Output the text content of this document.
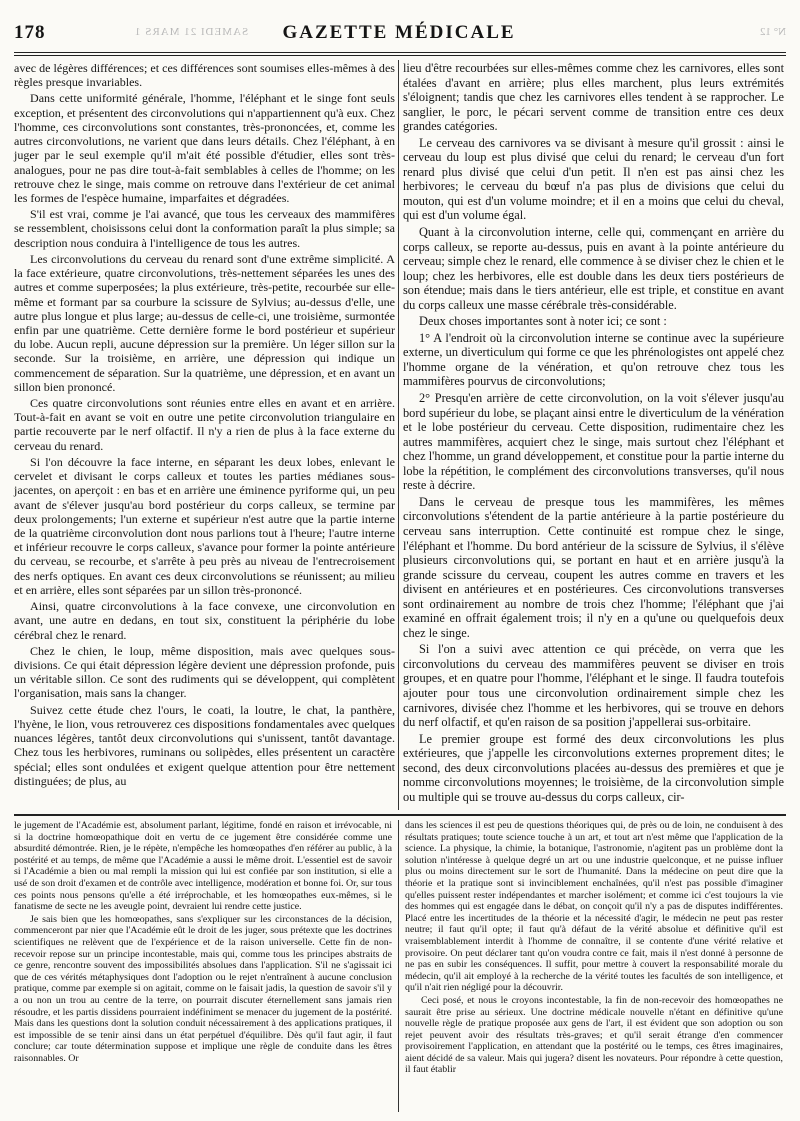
178	SAMEDI 21 MARS 1	GAZETTE MÉDICALE	N° 12

avec de légères différences; et ces différences sont soumises elles-mêmes à des règles presque invariables.

Dans cette uniformité générale, l'homme, l'éléphant et le singe font seuls exception, et présentent des circonvolutions qui n'appartiennent qu'à eux. Chez l'homme, ces circonvolutions sont constantes, très-prononcées, et, comme les autres circonvolutions, ne varient que dans leurs détails. Chez l'éléphant, à en juger par le seul exemple qu'il m'ait été possible d'étudier, elles sont très-analogues, pour ne pas dire tout-à-fait semblables à celles de l'homme; on les retrouve chez le singe, mais comme on retrouve dans l'extérieur de cet animal les formes de l'espèce humaine, imparfaites et dégradées.

S'il est vrai, comme je l'ai avancé, que tous les cerveaux des mammifères se ressemblent, choisissons celui dont la conformation paraît la plus simple; sa description nous conduira à l'intelligence de tous les autres.

Les circonvolutions du cerveau du renard sont d'une extrême simplicité. A la face extérieure, quatre circonvolutions, très-nettement séparées les unes des autres et comme superposées; la plus extérieure, très-petite, recourbée sur elle-même et formant par sa courbure la scissure de Sylvius; au-dessus d'elle, une autre plus longue et plus large; au-dessus de celle-ci, une troisième, surmontée enfin par une quatrième. Cette dernière forme le bord postérieur et supérieur du lobe. Aucun repli, aucune dépression sur la première. Un léger sillon sur la seconde. Sur la troisième, en arrière, une dépression qui indique un commencement de séparation. Sur la quatrième, une dépression, et en avant un sillon bien prononcé.

Ces quatre circonvolutions sont réunies entre elles en avant et en arrière. Tout-à-fait en avant se voit en outre une petite circonvolution triangulaire en partie recouverte par le nerf olfactif. Il n'y a rien de plus à la face externe du cerveau du renard.

Si l'on découvre la face interne, en séparant les deux lobes, enlevant le cervelet et divisant le corps calleux et toutes les parties médianes sous-jacentes, on aperçoit : en bas et en arrière une éminence pyriforme qui, un peu avant de s'élever jusqu'au bord postérieur du corps calleux, se termine par deux prolongements; l'un externe et supérieur n'est autre que la partie interne de la quatrième circonvolution dont nous parlions tout à l'heure; l'autre interne et inférieur recouvre le corps calleux, s'avance pour former la pointe antérieure du cerveau, se recourbe, et s'arrête à peu près au niveau de l'entrecroisement des nerfs optiques. En avant ces deux circonvolutions se réunissent; au milieu et en arrière, elles sont séparées par un sillon très-prononcé.

Ainsi, quatre circonvolutions à la face convexe, une circonvolution en avant, une autre en dedans, en tout six, constituent la périphérie du lobe cérébral chez le renard.

Chez le chien, le loup, même disposition, mais avec quelques sous-divisions. Ce qui était dépression légère devient une dépression profonde, puis un véritable sillon. Ce sont des rudiments qui se développent, qui complètent l'organisation, mais sans la changer.

Suivez cette étude chez l'ours, le coati, la loutre, le chat, la panthère, l'hyène, le lion, vous retrouverez ces dispositions fondamentales avec quelques nuances légères, tantôt deux circonvolutions qui s'unissent, tantôt davantage. Chez tous les herbivores, ruminans ou solipèdes, elles présentent un caractère spécial; elles sont ondulées et exigent quelque attention pour être nettement distinguées; de plus, au

lieu d'être recourbées sur elles-mêmes comme chez les carnivores, elles sont étalées d'avant en arrière; plus elles marchent, plus leurs extrémités s'éloignent; tandis que chez les carnivores elles tendent à se rapprocher. Le sanglier, le porc, le pécari servent comme de transition entre ces deux grandes catégories.

Le cerveau des carnivores va se divisant à mesure qu'il grossit : ainsi le cerveau du loup est plus divisé que celui du renard; le cerveau d'un fort renard plus divisé que celui d'un petit. Il n'en est pas ainsi chez les herbivores; le cerveau du bœuf n'a pas plus de divisions que celui du mouton, qui est d'un volume moindre; et il en a moins que celui du cheval, qui est d'un volume égal.

Quant à la circonvolution interne, celle qui, commençant en arrière du corps calleux, se reporte au-dessus, puis en avant à la pointe antérieure du cerveau; simple chez le renard, elle commence à se diviser chez le chien et le loup; chez les herbivores, elle est double dans les deux tiers postérieurs de son étendue; mais dans le tiers antérieur, elle est triple, et constitue en avant du corps calleux une masse cérébrale très-considérable.

Deux choses importantes sont à noter ici; ce sont :

1° A l'endroit où la circonvolution interne se continue avec la supérieure externe, un diverticulum qui forme ce que les phrénologistes ont appelé chez l'homme organe de la vénération, et qu'on retrouve chez tous les mammifères pourvus de circonvolutions;

2° Presqu'en arrière de cette circonvolution, on la voit s'élever jusqu'au bord supérieur du lobe, se plaçant ainsi entre le diverticulum de la vénération et le lobe postérieur du cerveau. Cette disposition, rudimentaire chez les autres mammifères, acquiert chez le singe, mais surtout chez l'éléphant et chez l'homme, un grand développement, et constitue pour la partie interne du lobe la répétition, le complément des circonvolutions transverses, qu'il nous reste à décrire.

Dans le cerveau de presque tous les mammifères, les mêmes circonvolutions s'étendent de la partie antérieure à la partie postérieure du cerveau sans interruption. Cette continuité est rompue chez le singe, l'éléphant et l'homme. Du bord antérieur de la scissure de Sylvius, il s'élève plusieurs circonvolutions qui, se portant en haut et en arrière jusqu'à la grande scissure du cerveau, coupent les autres comme en travers et les divisent en antérieures et en postérieures. Ces circonvolutions transverses sont ordinairement au nombre de trois chez l'homme; l'éléphant que j'ai examiné en offrait également trois; il n'y en a qu'une ou quelquefois deux chez le singe.

Si l'on a suivi avec attention ce qui précède, on verra que les circonvolutions du cerveau des mammifères peuvent se diviser en trois groupes, et en quatre pour l'homme, l'éléphant et le singe. Il faudra toutefois ajouter pour tous une circonvolution ordinairement simple chez les carnivores, divisée chez l'homme et les herbivores, qui se trouve en dehors du nerf olfactif, et qu'en raison de sa position j'appellerai sus-orbitaire.

Le premier groupe est formé des deux circonvolutions les plus extérieures, que j'appelle les circonvolutions externes proprement dites; le second, des deux circonvolutions placées au-dessus des premières et que je nomme circonvolutions moyennes; le troisième, de la circonvolution simple ou multiple qui se trouve au-dessus du corps calleux, cir-

le jugement de l'Académie est, absolument parlant, légitime, fondé en raison et irrévocable, ni si la doctrine homœopathique doit en vertu de ce jugement être considérée comme une absurdité démontrée. Rien, je le répète, n'empêche les homœopathes d'en référer au public, à la postérité et au temps, de même que l'Académie a aussi le même droit. L'essentiel est de savoir si l'Académie a bien ou mal rempli la mission qui lui est confiée par son institution, si elle a usé de son droit d'examen et de contrôle avec intelligence, modération et bonne foi. Or, sur tous ces points nous pensons qu'elle a été irréprochable, et les homœopathes eux-mêmes, si le fanatisme de secte ne les aveugle point, devraient lui rendre cette justice.

Je sais bien que les homœopathes, sans s'expliquer sur les circonstances de la décision, commenceront par nier que l'Académie eût le droit de les juger, sous prétexte que les doctrines scientifiques ne relèvent que de l'expérience et de la raison universelle. Cette fin de non-recevoir repose sur un principe incontestable, mais qui, comme tous les principes abstraits de ce genre, rencontre souvent des impossibilités absolues dans l'application. S'il ne s'agissait ici que de ces vérités métaphysiques dont l'adoption ou le rejet n'entraînent à aucune conclusion pratique, comme par exemple si on agitait, comme on le faisait jadis, la question de savoir s'il y a ou non un trou au centre de la terre, on pourrait discuter éternellement sans jamais rien résoudre, et les partis dissidens pourraient indéfiniment se menacer du jugement de la postérité. Mais dans les questions dont la solution conduit nécessairement à des applications pratiques, il est impossible de se tenir ainsi dans un état perpétuel d'équilibre. Dès qu'il faut agir, il faut conclure; car toute détermination suppose et implique une règle de conduite dans les êtres raisonnables. Or

dans les sciences il est peu de questions théoriques qui, de près ou de loin, ne conduisent à des résultats pratiques; toute science touche à un art, et tout art n'est même que l'application de la science. La physique, la chimie, la botanique, l'astronomie, n'agitent pas un problème dont la solution n'intéresse à quelque degré un art ou une industrie quelconque, et ne puisse influer plus ou moins directement sur le sort de l'humanité. Dans la médecine on peut dire que la théorie et la pratique sont si invinciblement enchaînées, qu'il n'est pas possible d'imaginer qu'elles puissent rester indépendantes et marcher isolément; et comme ici c'est toujours la vie des hommes qui est engagée dans le débat, on conçoit qu'il n'y a pas de disputes indifférentes. Placé entre les incertitudes de la théorie et la nécessité d'agir, le médecin ne peut pas rester neutre; il faut qu'il opte; il faut qu'à défaut de la vérité absolue et définitive qu'il est vraisemblablement interdit à l'homme de connaître, il se contente d'une vérité relative et provisoire. On peut déclarer tant qu'on voudra contre ce fait, mais il n'est donné à personne de ne pas en subir les conséquences. Il suffit, pour mettre à couvert la responsabilité morale du médecin, qu'il ait employé à la recherche de la vérité toutes les facultés de son intelligence, et qu'il n'ait rien négligé pour la découvrir.

Ceci posé, et nous le croyons incontestable, la fin de non-recevoir des homœopathes ne saurait être prise au sérieux. Une doctrine médicale nouvelle n'étant en définitive qu'une nouvelle règle de pratique proposée aux gens de l'art, il est évident que son adoption ou son rejet peuvent avoir des résultats très-graves; et qu'il serait étrange d'en commencer provisoirement l'application, en attendant que la postérité ou le temps, ces êtres imaginaires, aient décidé de sa valeur. Mais qui jugera? disent les novateurs. Pour répondre à cette question, il faut établir
